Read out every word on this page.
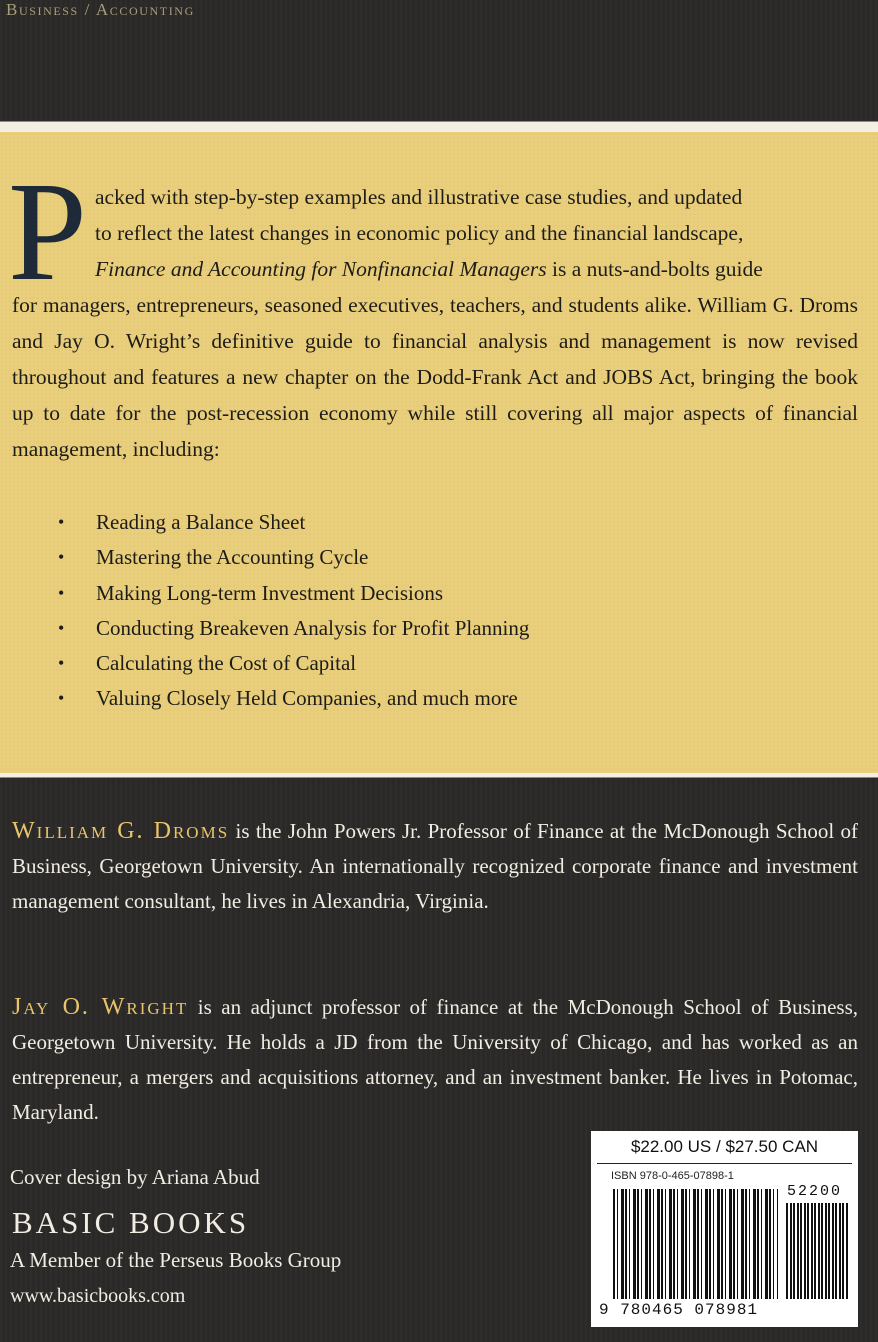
Business / Accounting
P acked with step-by-step examples and illustrative case studies, and updated
to reflect the latest changes in economic policy and the financial landscape,
Finance and Accounting for Nonfinancial Managers is a nuts-and-bolts guide
for managers, entrepreneurs, seasoned executives, teachers, and students alike. William G. Droms and Jay O. Wright’s definitive guide to financial analysis and management is now revised throughout and features a new chapter on the Dodd-Frank Act and JOBS Act, bringing the book up to date for the post-recession economy while still covering all major aspects of financial management, including:
• Reading a Balance Sheet
• Mastering the Accounting Cycle
• Making Long-term Investment Decisions
• Conducting Breakeven Analysis for Profit Planning
• Calculating the Cost of Capital
• Valuing Closely Held Companies, and much more
William G. Droms is the John Powers Jr. Professor of Finance at the McDonough School of Business, Georgetown University. An internationally recognized corporate finance and investment management consultant, he lives in Alexandria, Virginia.
Jay O. Wright is an adjunct professor of finance at the McDonough School of Business, Georgetown University. He holds a JD from the University of Chicago, and has worked as an entrepreneur, a mergers and acquisitions attorney, and an investment banker. He lives in Potomac, Maryland.
Cover design by Ariana Abud
BASIC BOOKS
A Member of the Perseus Books Group
www.basicbooks.com
$22.00 US / $27.50 CAN
ISBN 978-0-465-07898-1
52200
9 780465 078981
